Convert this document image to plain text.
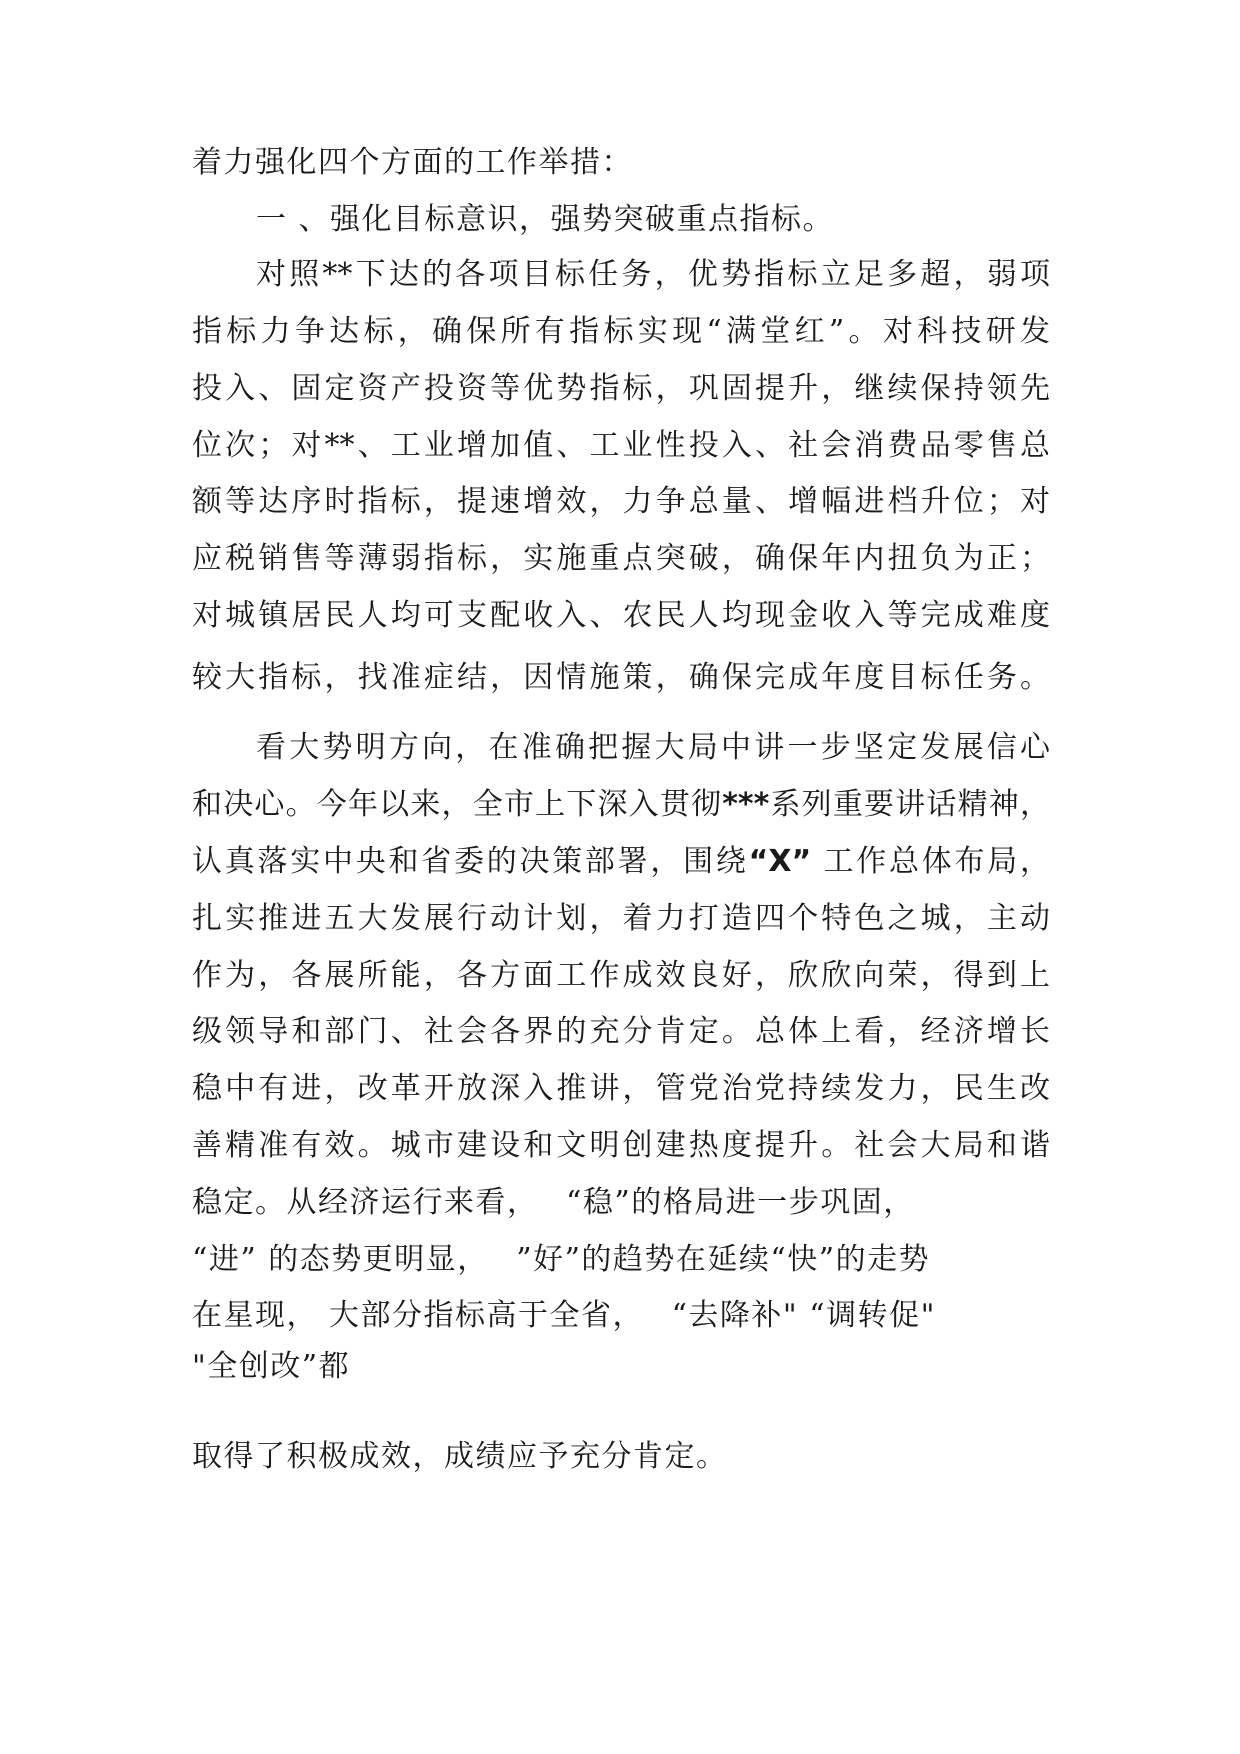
着力强化四个方面的工作举措：
一 、强化目标意识，强势突破重点指标。
对照**下达的各项目标任务，优势指标立足多超，弱项
指标力争达标，确保所有指标实现“满堂红”。对科技研发
投入、固定资产投资等优势指标，巩固提升，继续保持领先
位次；对**、工业增加值、工业性投入、社会消费品零售总
额等达序时指标，提速增效，力争总量、增幅进档升位；对
应税销售等薄弱指标，实施重点突破，确保年内扭负为正；
对城镇居民人均可支配收入、农民人均现金收入等完成难度
较大指标，找准症结，因情施策，确保完成年度目标任务。
看大势明方向，在准确把握大局中讲一步坚定发展信心
和决心。今年以来，全市上下深入贯彻***系列重要讲话精神，
认真落实中央和省委的决策部署，围绕“X” 工作总体布局，
扎实推进五大发展行动计划，着力打造四个特色之城，主动
作为，各展所能，各方面工作成效良好，欣欣向荣，得到上
级领导和部门、社会各界的充分肯定。总体上看，经济增长
稳中有进，改革开放深入推讲，管党治党持续发力，民生改
善精准有效。城市建设和文明创建热度提升。社会大局和谐
稳定。从经济运行来看，　 “稳”的格局进一步巩固，
“进” 的态势更明显，　 ”好”的趋势在延续“快”的走势
在星现， 大部分指标高于全省，　 “去降补" “调转促"
"全创改”都
取得了积极成效，成绩应予充分肯定。
